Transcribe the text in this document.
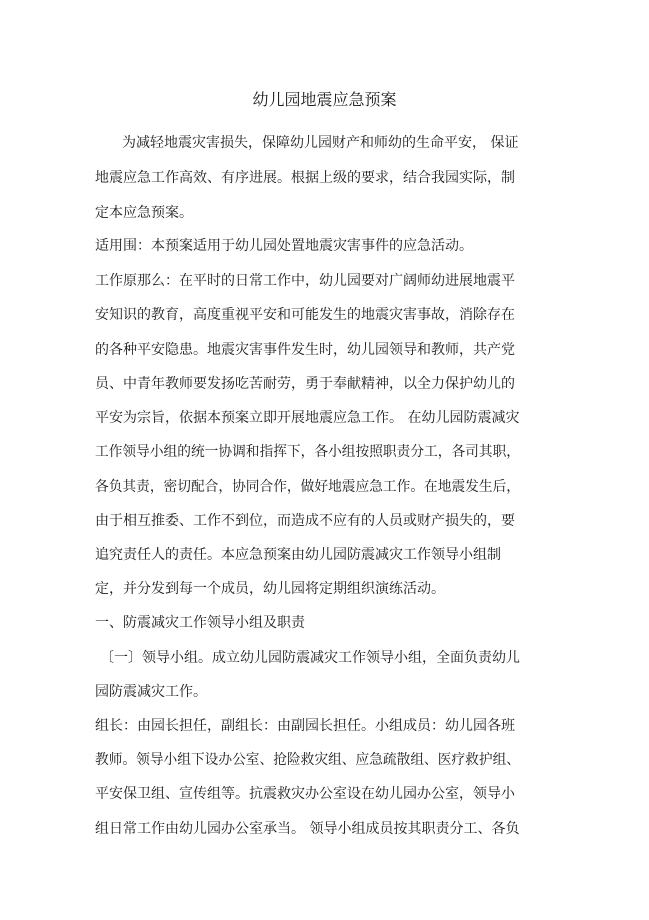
幼儿园地震应急预案
为减轻地震灾害损失，保障幼儿园财产和师幼的生命平安， 保证
地震应急工作高效、有序进展。根据上级的要求，结合我园实际，制
定本应急预案。
适用围：本预案适用于幼儿园处置地震灾害事件的应急活动。
工作原那么：在平时的日常工作中，幼儿园要对广阔师幼进展地震平
安知识的教育，高度重视平安和可能发生的地震灾害事故，消除存在
的各种平安隐患。地震灾害事件发生时，幼儿园领导和教师，共产党
员、中青年教师要发扬吃苦耐劳，勇于奉献精神，以全力保护幼儿的
平安为宗旨，依据本预案立即开展地震应急工作。 在幼儿园防震减灾
工作领导小组的统一协调和指挥下，各小组按照职责分工，各司其职，
各负其责，密切配合，协同合作，做好地震应急工作。在地震发生后，
由于相互推委、工作不到位，而造成不应有的人员或财产损失的，要
追究责任人的责任。本应急预案由幼儿园防震减灾工作领导小组制
定，并分发到每一个成员，幼儿园将定期组织演练活动。
一、防震减灾工作领导小组及职责
〔一〕领导小组。成立幼儿园防震减灾工作领导小组，全面负责幼儿
园防震减灾工作。
组长：由园长担任，副组长：由副园长担任。小组成员：幼儿园各班
教师。领导小组下设办公室、抢险救灾组、应急疏散组、医疗救护组、
平安保卫组、宣传组等。抗震救灾办公室设在幼儿园办公室，领导小
组日常工作由幼儿园办公室承当。 领导小组成员按其职责分工、各负
